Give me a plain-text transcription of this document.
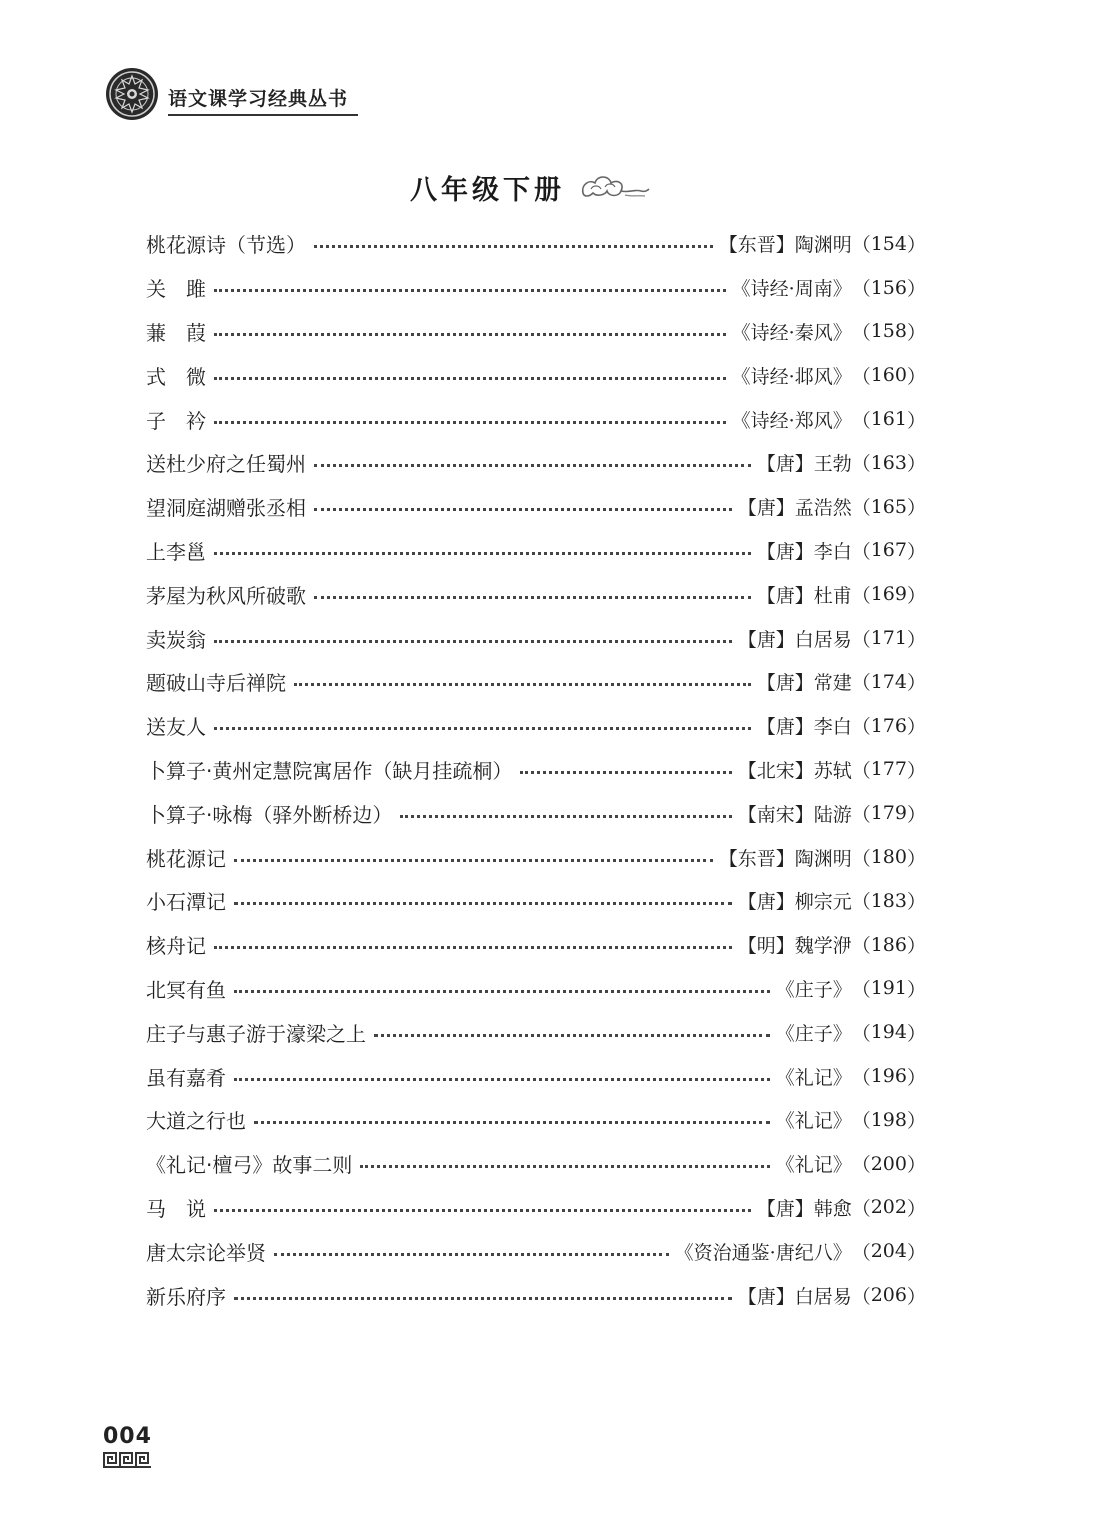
语文课学习经典丛书
八年级下册
桃花源诗（节选）	【东晋】陶渊明 （ 154 ）
关　雎	《诗经·周南》 （ 156 ）
蒹　葭	《诗经·秦风》 （ 158 ）
式　微	《诗经·邶风》 （ 160 ）
子　衿	《诗经·郑风》 （ 161 ）
送杜少府之任蜀州	【唐】王勃 （ 163 ）
望洞庭湖赠张丞相	【唐】孟浩然 （ 165 ）
上李邕	【唐】李白 （ 167 ）
茅屋为秋风所破歌	【唐】杜甫 （ 169 ）
卖炭翁	【唐】白居易 （ 171 ）
题破山寺后禅院	【唐】常建 （ 174 ）
送友人	【唐】李白 （ 176 ）
卜算子·黄州定慧院寓居作（缺月挂疏桐）	【北宋】苏轼 （ 177 ）
卜算子·咏梅（驿外断桥边）	【南宋】陆游 （ 179 ）
桃花源记	【东晋】陶渊明 （ 180 ）
小石潭记	【唐】柳宗元 （ 183 ）
核舟记	【明】魏学洢 （ 186 ）
北冥有鱼	《庄子》 （ 191 ）
庄子与惠子游于濠梁之上	《庄子》 （ 194 ）
虽有嘉肴	《礼记》 （ 196 ）
大道之行也	《礼记》 （ 198 ）
《礼记·檀弓》故事二则	《礼记》 （ 200 ）
马　说	【唐】韩愈 （ 202 ）
唐太宗论举贤	《资治通鉴·唐纪八》 （ 204 ）
新乐府序	【唐】白居易 （ 206 ）
004
